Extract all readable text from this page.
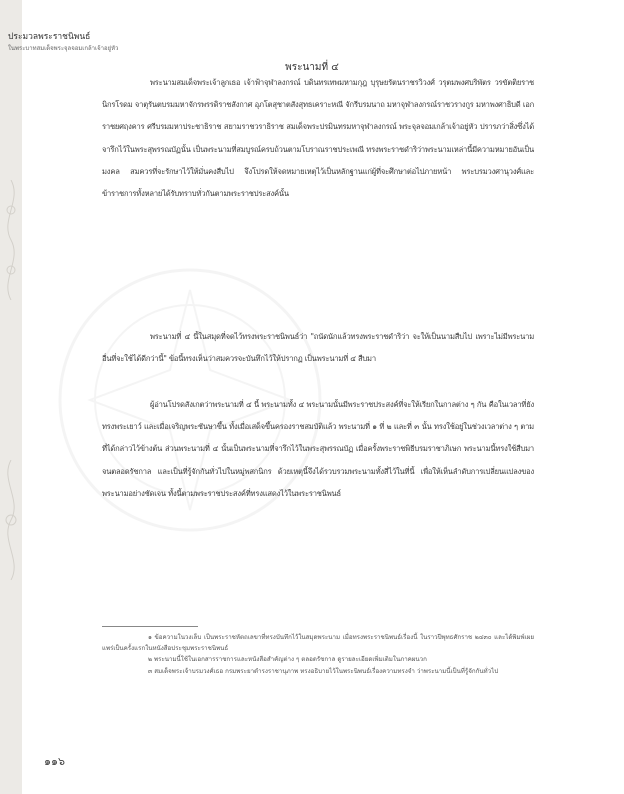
ประมวลพระราชนิพนธ์
ในพระบาทสมเด็จพระจุลจอมเกล้าเจ้าอยู่หัว
พระนามที่ ๔

พระนามสมเด็จพระเจ้าลูกเธอ เจ้าฟ้าจุฬาลงกรณ์ บดินทรเทพมหามกุฎ บุรุษยรัตนราชรวิวงศ์ วรุตมพงศบริพัตร วรขัตติยราชนิกรโรดม จาตุรันตบรมมหาจักรพรรดิราชสังกาศ อุภโตสุชาตสังสุทธเคราะหณี จักรีบรมนาถ มหาจุฬาลงกรณ์ราชวรางกูร มหาพงศาธิบดี เอกราชยศฤงคาร ศรีบรมมหาประชาธิราช สยามราชวราธิราช สมเด็จพระปรมินทรมหาจุฬาลงกรณ์ พระจุลจอมเกล้าเจ้าอยู่หัว ปรารภว่าสิ่งซึ่งได้จารึกไว้ในพระสุพรรณบัฏนั้น เป็นพระนามที่สมบูรณ์ครบถ้วนตามโบราณราชประเพณี ทรงพระราชดำริว่าพระนามเหล่านี้มีความหมายอันเป็นมงคล สมควรที่จะรักษาไว้ให้มั่นคงสืบไป จึงโปรดให้จดหมายเหตุไว้เป็นหลักฐานแก่ผู้ที่จะศึกษาต่อไปภายหน้า พระบรมวงศานุวงศ์และข้าราชการทั้งหลายได้รับทราบทั่วกันตามพระราชประสงค์นั้น

พระนามที่ ๔ นี้ในสมุดที่จดไว้ทรงพระราชนิพนธ์ว่า "ถนัดนักแล้วทรงพระราชดำริว่า จะให้เป็นนามสืบไป เพราะไม่มีพระนามอื่นที่จะใช้ได้ดีกว่านี้" ข้อนี้ทรงเห็นว่าสมควรจะบันทึกไว้ให้ปรากฏ เป็นพระนามที่ ๔ สืบมา

ผู้อ่านโปรดสังเกตว่าพระนามที่ ๔ นี้ พระนามทั้ง ๔ พระนามนั้นมีพระราชประสงค์ที่จะให้เรียกในกาลต่าง ๆ กัน คือในเวลาที่ยังทรงพระเยาว์ และเมื่อเจริญพระชันษาขึ้น ทั้งเมื่อเสด็จขึ้นครองราชสมบัติแล้ว พระนามที่ ๑ ที่ ๒ และที่ ๓ นั้น ทรงใช้อยู่ในช่วงเวลาต่าง ๆ ตามที่ได้กล่าวไว้ข้างต้น ส่วนพระนามที่ ๔ นั้นเป็นพระนามที่จารึกไว้ในพระสุพรรณบัฏ เมื่อครั้งพระราชพิธีบรมราชาภิเษก พระนามนี้ทรงใช้สืบมาจนตลอดรัชกาล และเป็นที่รู้จักกันทั่วไปในหมู่พสกนิกร ด้วยเหตุนี้จึงได้รวบรวมพระนามทั้งสี่ไว้ในที่นี้ เพื่อให้เห็นลำดับการเปลี่ยนแปลงของพระนามอย่างชัดเจน ทั้งนี้ตามพระราชประสงค์ที่ทรงแสดงไว้ในพระราชนิพนธ์

๑ ข้อความในวงเล็บ เป็นพระราชหัตถเลขาที่ทรงบันทึกไว้ในสมุดพระนาม เมื่อทรงพระราชนิพนธ์เรื่องนี้ ในราวปีพุทธศักราช ๒๔๓๐ และได้พิมพ์เผยแพร่เป็นครั้งแรกในหนังสือประชุมพระราชนิพนธ์

๒ พระนามนี้ใช้ในเอกสารราชการและหนังสือสำคัญต่าง ๆ ตลอดรัชกาล ดูรายละเอียดเพิ่มเติมในภาคผนวก

๓ สมเด็จพระเจ้าบรมวงศ์เธอ กรมพระยาดำรงราชานุภาพ ทรงอธิบายไว้ในพระนิพนธ์เรื่องความทรงจำ ว่าพระนามนี้เป็นที่รู้จักกันทั่วไป

๑๑๖
